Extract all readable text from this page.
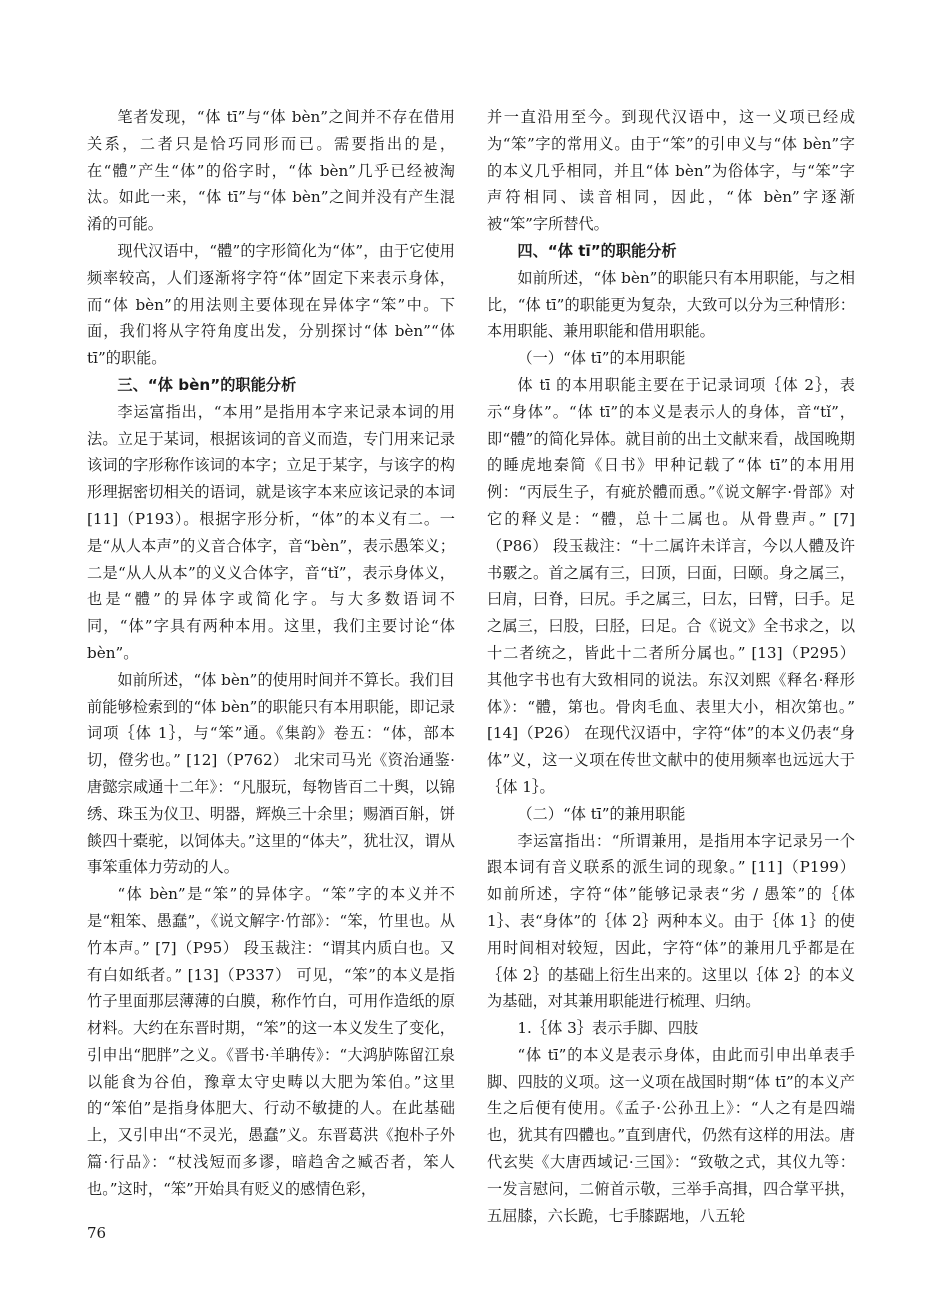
笔者发现，“体 tī”与“体 bèn”之间并不存在借用关系，二者只是恰巧同形而已。需要指出的是，在“體”产生“体”的俗字时，“体 bèn”几乎已经被淘汰。如此一来，“体 tī”与“体 bèn”之间并没有产生混淆的可能。

现代汉语中，“體”的字形简化为“体”，由于它使用频率较高，人们逐渐将字符“体”固定下来表示身体，而“体 bèn”的用法则主要体现在异体字“笨”中。下面，我们将从字符角度出发，分别探讨“体 bèn”“体 tī”的职能。

三、“体 bèn”的职能分析

李运富指出，“本用”是指用本字来记录本词的用法。立足于某词，根据该词的音义而造，专门用来记录该词的字形称作该词的本字；立足于某字，与该字的构形理据密切相关的语词，就是该字本来应该记录的本词 [11]（P193）。根据字形分析，“体”的本义有二。一是“从人本声”的义音合体字，音“bèn”，表示愚笨义；二是“从人从本”的义义合体字，音“tǐ”，表示身体义，也是“體”的异体字或简化字。与大多数语词不同，“体”字具有两种本用。这里，我们主要讨论“体 bèn”。

如前所述，“体 bèn”的使用时间并不算长。我们目前能够检索到的“体 bèn”的职能只有本用职能，即记录词项｛体 1｝，与“笨”通。《集韵》卷五：“体，部本切，僜劣也。” [12]（P762） 北宋司马光《资治通鉴·唐懿宗咸通十二年》：“凡服玩，每物皆百二十舆，以锦绣、珠玉为仪卫、明器，辉焕三十余里；赐酒百斛，饼餤四十橐驼，以饲体夫。”这里的“体夫”，犹壮汉，谓从事笨重体力劳动的人。

“体 bèn”是“笨”的异体字。“笨”字的本义并不是“粗笨、愚蠢”，《说文解字·竹部》：“笨，竹里也。从竹本声。” [7]（P95） 段玉裁注：“谓其内质白也。又有白如纸者。” [13]（P337） 可见，“笨”的本义是指竹子里面那层薄薄的白膜，称作竹白，可用作造纸的原材料。大约在东晋时期，“笨”的这一本义发生了变化，引申出“肥胖”之义。《晋书·羊聃传》：“大鸿胪陈留江泉以能食为谷伯，豫章太守史畴以大肥为笨伯。”这里的“笨伯”是指身体肥大、行动不敏捷的人。在此基础上，又引申出“不灵光，愚蠢”义。东晋葛洪《抱朴子外篇·行品》：“杖浅短而多谬，暗趋舍之臧否者，笨人也。”这时，“笨”开始具有贬义的感情色彩，

并一直沿用至今。到现代汉语中，这一义项已经成为“笨”字的常用义。由于“笨”的引申义与“体 bèn”字的本义几乎相同，并且“体 bèn”为俗体字，与“笨”字声符相同、读音相同，因此，“体 bèn”字逐渐被“笨”字所替代。

四、“体 tī”的职能分析

如前所述，“体 bèn”的职能只有本用职能，与之相比，“体 tī”的职能更为复杂，大致可以分为三种情形：本用职能、兼用职能和借用职能。

（一）“体 tī”的本用职能

体 tī 的本用职能主要在于记录词项｛体 2｝，表示“身体”。“体 tī”的本义是表示人的身体，音“tǐ”，即“體”的简化异体。就目前的出土文献来看，战国晚期的睡虎地秦简《日书》甲种记载了“体 tī”的本用用例：“丙辰生子，有疵於體而恿。”《说文解字·骨部》对它的释义是：“體，总十二属也。从骨豊声。” [7]（P86） 段玉裁注：“十二属许未详言，今以人體及许书覈之。首之属有三，曰顶，曰面，曰颐。身之属三，曰肩，曰脊，曰尻。手之属三，曰厷，曰臂，曰手。足之属三，曰股，曰胫，曰足。合《说文》全书求之，以十二者统之，皆此十二者所分属也。” [13]（P295） 其他字书也有大致相同的说法。东汉刘熙《释名·释形体》：“體，第也。骨肉毛血、表里大小，相次第也。” [14]（P26） 在现代汉语中，字符“体”的本义仍表“身体”义，这一义项在传世文献中的使用频率也远远大于｛体 1｝。

（二）“体 tī”的兼用职能

李运富指出：“所谓兼用，是指用本字记录另一个跟本词有音义联系的派生词的现象。” [11]（P199） 如前所述，字符“体”能够记录表“劣 / 愚笨”的｛体 1｝、表“身体”的｛体 2｝两种本义。由于｛体 1｝的使用时间相对较短，因此，字符“体”的兼用几乎都是在｛体 2｝的基础上衍生出来的。这里以｛体 2｝的本义为基础，对其兼用职能进行梳理、归纳。

1.｛体 3｝表示手脚、四肢

“体 tī”的本义是表示身体，由此而引申出单表手脚、四肢的义项。这一义项在战国时期“体 tī”的本义产生之后便有使用。《孟子·公孙丑上》：“人之有是四端也，犹其有四體也。”直到唐代，仍然有这样的用法。唐代玄奘《大唐西域记·三国》：“致敬之式，其仪九等：一发言慰问，二俯首示敬，三举手高揖，四合掌平拱，五屈膝，六长跪，七手膝踞地，八五轮

76
